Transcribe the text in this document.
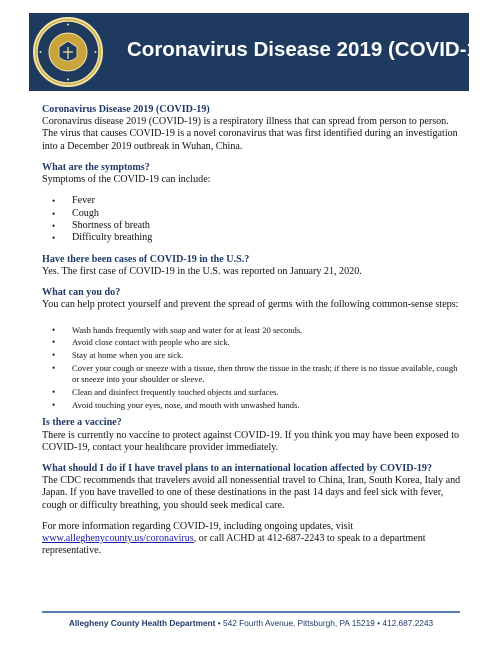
Coronavirus Disease 2019 (COVID-19)
Coronavirus Disease 2019 (COVID-19)

Coronavirus disease 2019 (COVID-19) is a respiratory illness that can spread from person to person. The virus that causes COVID-19 is a novel coronavirus that was first identified during an investigation into a December 2019 outbreak in Wuhan, China.

What are the symptoms?

Symptoms of the COVID-19 can include:

• Fever
• Cough
• Shortness of breath
• Difficulty breathing
Have there been cases of COVID-19 in the U.S.?

Yes. The first case of COVID-19 in the U.S. was reported on January 21, 2020.

What can you do?

You can help protect yourself and prevent the spread of germs with the following common-sense steps:

• Wash hands frequently with soap and water for at least 20 seconds.
• Avoid close contact with people who are sick.
• Stay at home when you are sick.
• Cover your cough or sneeze with a tissue, then throw the tissue in the trash; if there is no tissue available, cough or sneeze into your shoulder or sleeve.
• Clean and disinfect frequently touched objects and surfaces.
• Avoid touching your eyes, nose, and mouth with unwashed hands.
Is there a vaccine?

There is currently no vaccine to protect against COVID-19. If you think you may have been exposed to COVID-19, contact your healthcare provider immediately.

What should I do if I have travel plans to an international location affected by COVID-19?

The CDC recommends that travelers avoid all nonessential travel to China, Iran, South Korea, Italy and Japan. If you have travelled to one of these destinations in the past 14 days and feel sick with fever, cough or difficulty breathing, you should seek medical care.

For more information regarding COVID-19, including ongoing updates, visit
www.alleghenycounty.us/coronavirus, or call ACHD at 412-687-2243 to speak to a department representative.

Allegheny County Health Department • 542 Fourth Avenue, Pittsburgh, PA 15219 • 412.687.2243
